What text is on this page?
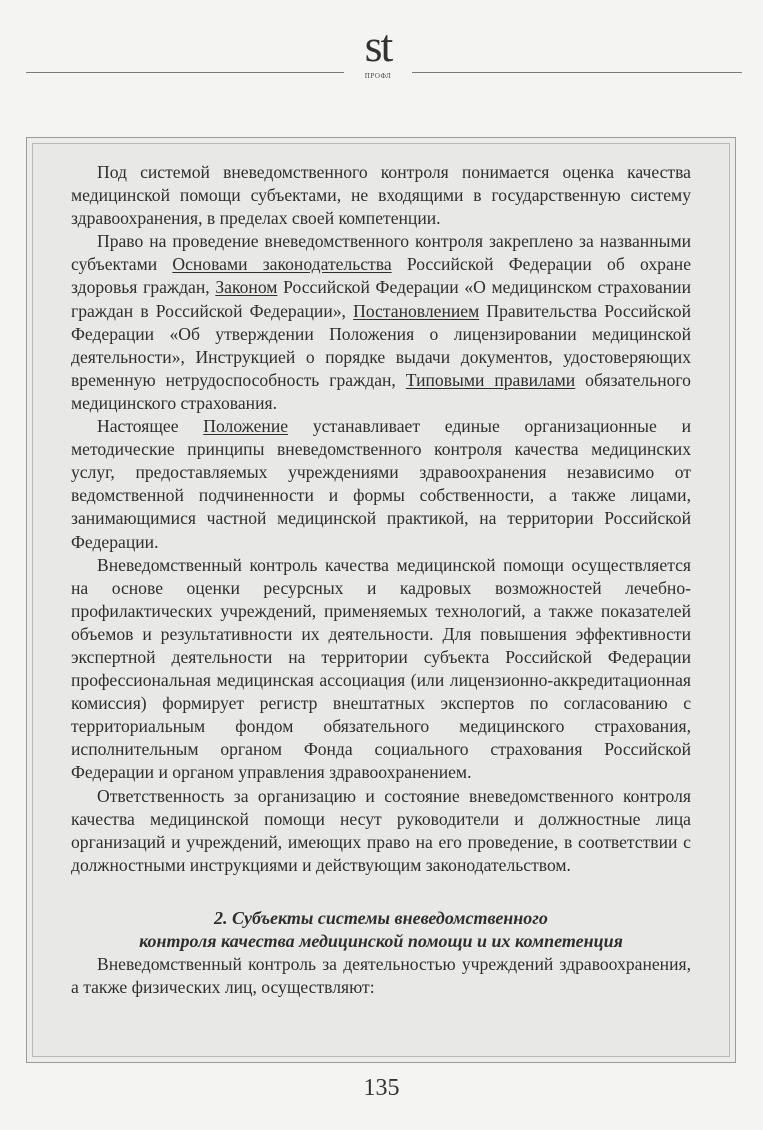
st
ПРОФЛ

Под системой вневедомственного контроля понимается оценка качества медицинской помощи субъектами, не входящими в государственную систему здравоохранения, в пределах своей компетенции.

Право на проведение вневедомственного контроля закреплено за названными субъектами Основами законодательства Российской Федерации об охране здоровья граждан, Законом Российской Федерации «О медицинском страховании граждан в Российской Федерации», Постановлением Правительства Российской Федерации «Об утверждении Положения о лицензировании медицинской деятельности», Инструкцией о порядке выдачи документов, удостоверяющих временную нетрудоспособность граждан, Типовыми правилами обязательного медицинского страхования.

Настоящее Положение устанавливает единые организационные и методические принципы вневедомственного контроля качества медицинских услуг, предоставляемых учреждениями здравоохранения независимо от ведомственной подчиненности и формы собственности, а также лицами, занимающимися частной медицинской практикой, на территории Российской Федерации.

Вневедомственный контроль качества медицинской помощи осуществляется на основе оценки ресурсных и кадровых возможностей лечебно-профилактических учреждений, применяемых технологий, а также показателей объемов и результативности их деятельности. Для повышения эффективности экспертной деятельности на территории субъекта Российской Федерации профессиональная медицинская ассоциация (или лицензионно-аккредитационная комиссия) формирует регистр внештатных экспертов по согласованию с территориальным фондом обязательного медицинского страхования, исполнительным органом Фонда социального страхования Российской Федерации и органом управления здравоохранением.

Ответственность за организацию и состояние вневедомственного контроля качества медицинской помощи несут руководители и должностные лица организаций и учреждений, имеющих право на его проведение, в соответствии с должностными инструкциями и действующим законодательством.

2. Субъекты системы вневедомственного
контроля качества медицинской помощи и их компетенция

Вневедомственный контроль за деятельностью учреждений здравоохранения, а также физических лиц, осуществляют:

135
